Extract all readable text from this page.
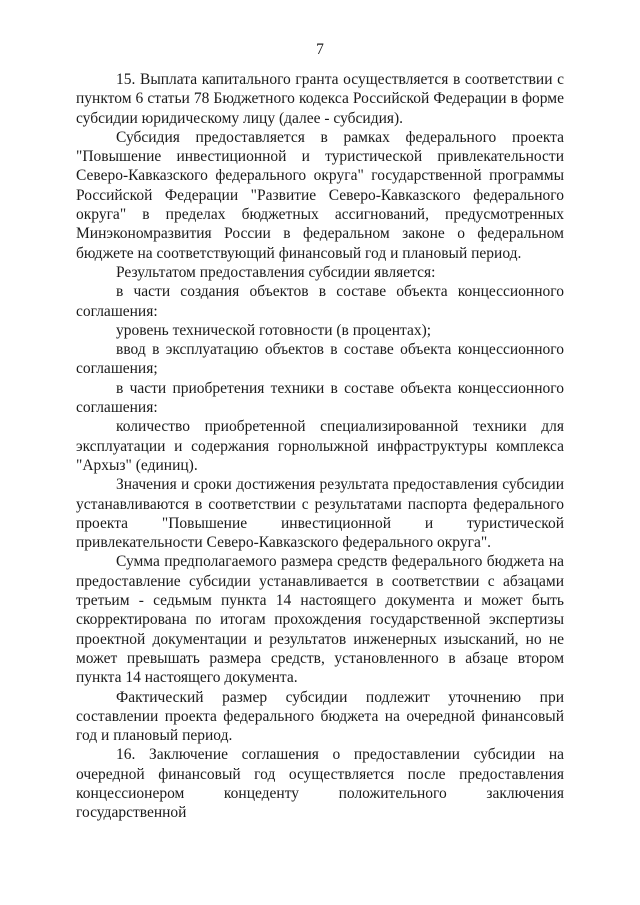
7

15. Выплата капитального гранта осуществляется в соответствии с пунктом 6 статьи 78 Бюджетного кодекса Российской Федерации в форме субсидии юридическому лицу (далее - субсидия).

Субсидия предоставляется в рамках федерального проекта "Повышение инвестиционной и туристической привлекательности Северо-Кавказского федерального округа" государственной программы Российской Федерации "Развитие Северо-Кавказского федерального округа" в пределах бюджетных ассигнований, предусмотренных Минэкономразвития России в федеральном законе о федеральном бюджете на соответствующий финансовый год и плановый период.

Результатом предоставления субсидии является:

в части создания объектов в составе объекта концессионного соглашения:

уровень технической готовности (в процентах);

ввод в эксплуатацию объектов в составе объекта концессионного соглашения;

в части приобретения техники в составе объекта концессионного соглашения:

количество приобретенной специализированной техники для эксплуатации и содержания горнолыжной инфраструктуры комплекса "Архыз" (единиц).

Значения и сроки достижения результата предоставления субсидии устанавливаются в соответствии с результатами паспорта федерального проекта "Повышение инвестиционной и туристической привлекательности Северо-Кавказского федерального округа".

Сумма предполагаемого размера средств федерального бюджета на предоставление субсидии устанавливается в соответствии с абзацами третьим - седьмым пункта 14 настоящего документа и может быть скорректирована по итогам прохождения государственной экспертизы проектной документации и результатов инженерных изысканий, но не может превышать размера средств, установленного в абзаце втором пункта 14 настоящего документа.

Фактический размер субсидии подлежит уточнению при составлении проекта федерального бюджета на очередной финансовый год и плановый период.

16. Заключение соглашения о предоставлении субсидии на очередной финансовый год осуществляется после предоставления концессионером концеденту положительного заключения государственной
